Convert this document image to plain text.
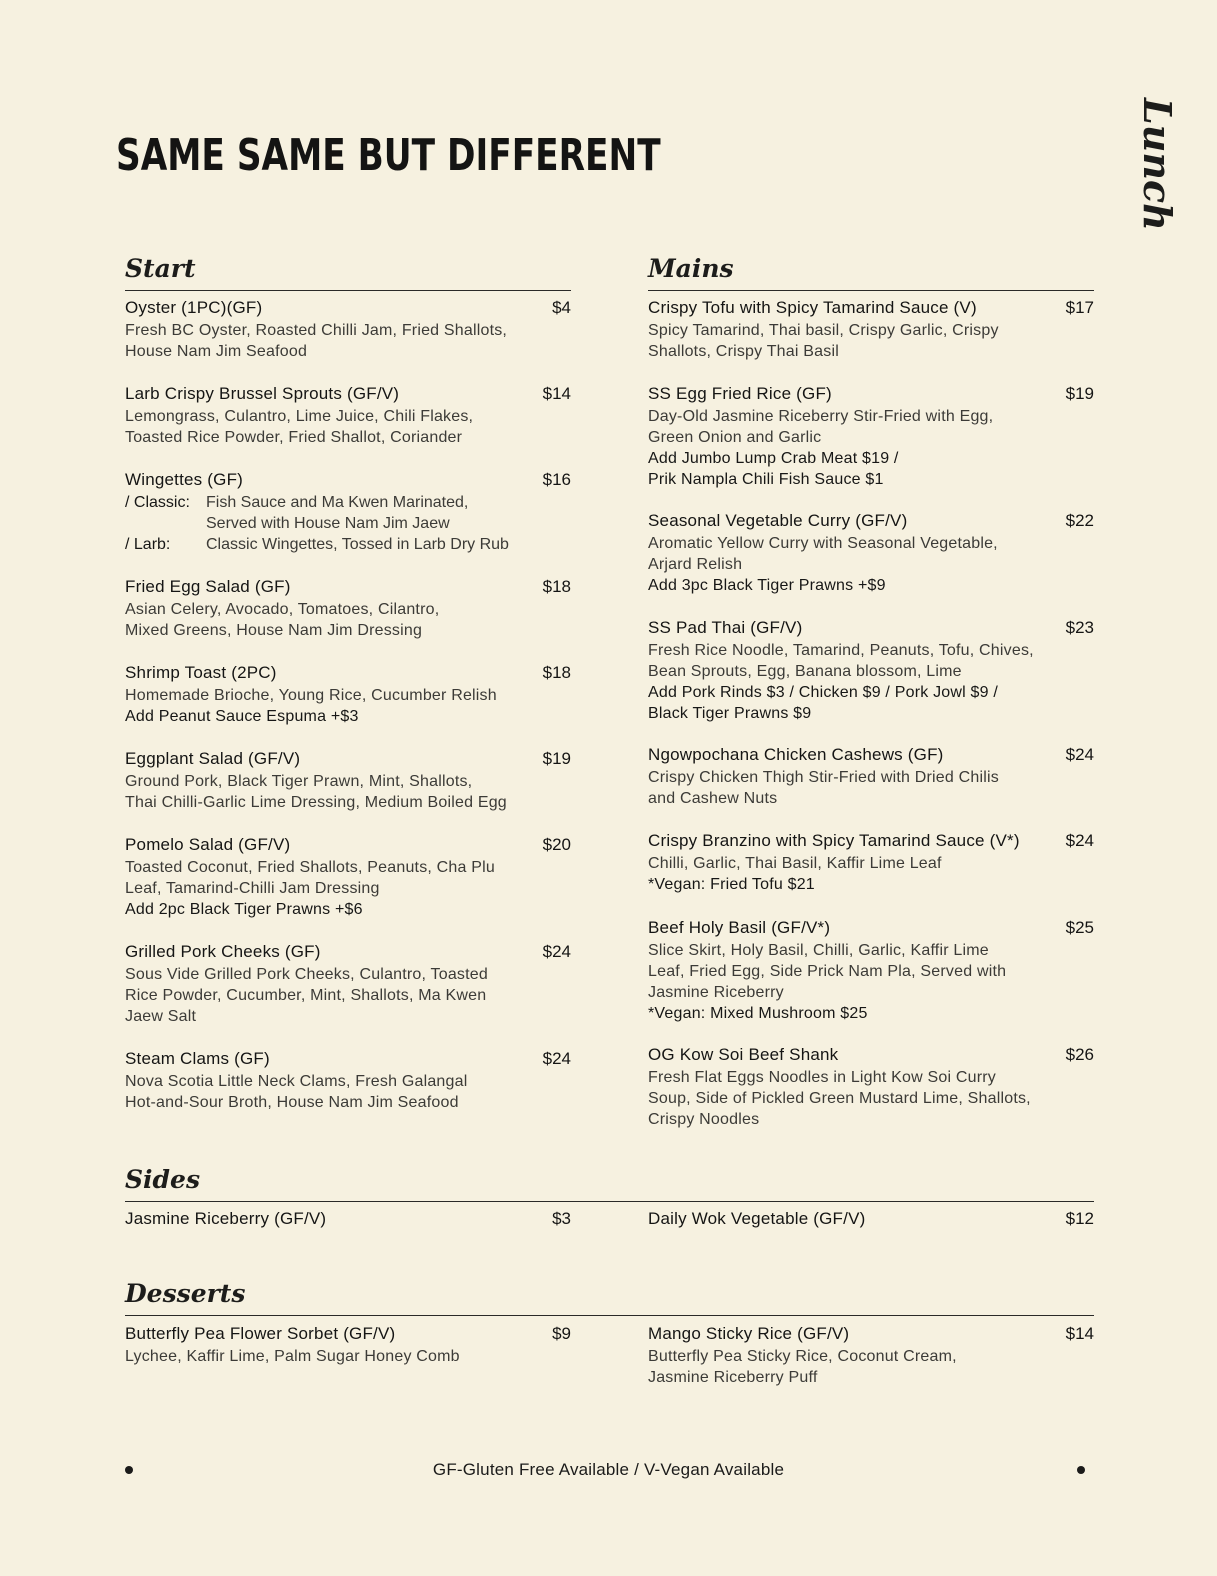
SAME SAME BUT DIFFERENT	Lunch
Start
Oyster (1PC)(GF)	$4
Fresh BC Oyster, Roasted Chilli Jam, Fried Shallots,
House Nam Jim Seafood
Larb Crispy Brussel Sprouts (GF/V)	$14
Lemongrass, Culantro, Lime Juice, Chili Flakes,
Toasted Rice Powder, Fried Shallot, Coriander
Wingettes (GF)	$16
/ Classic: Fish Sauce and Ma Kwen Marinated,
Served with House Nam Jim Jaew
/ Larb: Classic Wingettes, Tossed in Larb Dry Rub
Fried Egg Salad (GF)	$18
Asian Celery, Avocado, Tomatoes, Cilantro,
Mixed Greens, House Nam Jim Dressing
Shrimp Toast (2PC)	$18
Homemade Brioche, Young Rice, Cucumber Relish
Add Peanut Sauce Espuma +$3
Eggplant Salad (GF/V)	$19
Ground Pork, Black Tiger Prawn, Mint, Shallots,
Thai Chilli-Garlic Lime Dressing, Medium Boiled Egg
Pomelo Salad (GF/V)	$20
Toasted Coconut, Fried Shallots, Peanuts, Cha Plu
Leaf, Tamarind-Chilli Jam Dressing
Add 2pc Black Tiger Prawns +$6
Grilled Pork Cheeks (GF)	$24
Sous Vide Grilled Pork Cheeks, Culantro, Toasted
Rice Powder, Cucumber, Mint, Shallots, Ma Kwen
Jaew Salt
Steam Clams (GF)	$24
Nova Scotia Little Neck Clams, Fresh Galangal
Hot-and-Sour Broth, House Nam Jim Seafood
Mains
Crispy Tofu with Spicy Tamarind Sauce (V)	$17
Spicy Tamarind, Thai basil, Crispy Garlic, Crispy
Shallots, Crispy Thai Basil
SS Egg Fried Rice (GF)	$19
Day-Old Jasmine Riceberry Stir-Fried with Egg,
Green Onion and Garlic
Add Jumbo Lump Crab Meat $19 /
Prik Nampla Chili Fish Sauce $1
Seasonal Vegetable Curry (GF/V)	$22
Aromatic Yellow Curry with Seasonal Vegetable,
Arjard Relish
Add 3pc Black Tiger Prawns +$9
SS Pad Thai (GF/V)	$23
Fresh Rice Noodle, Tamarind, Peanuts, Tofu, Chives,
Bean Sprouts, Egg, Banana blossom, Lime
Add Pork Rinds $3 / Chicken $9 / Pork Jowl $9 /
Black Tiger Prawns $9
Ngowpochana Chicken Cashews (GF)	$24
Crispy Chicken Thigh Stir-Fried with Dried Chilis
and Cashew Nuts
Crispy Branzino with Spicy Tamarind Sauce (V*)	$24
Chilli, Garlic, Thai Basil, Kaffir Lime Leaf
*Vegan: Fried Tofu $21
Beef Holy Basil (GF/V*)	$25
Slice Skirt, Holy Basil, Chilli, Garlic, Kaffir Lime
Leaf, Fried Egg, Side Prick Nam Pla, Served with
Jasmine Riceberry
*Vegan: Mixed Mushroom $25
OG Kow Soi Beef Shank	$26
Fresh Flat Eggs Noodles in Light Kow Soi Curry
Soup, Side of Pickled Green Mustard Lime, Shallots,
Crispy Noodles
Sides
Jasmine Riceberry (GF/V)	$3	Daily Wok Vegetable (GF/V)	$12
Desserts
Butterfly Pea Flower Sorbet (GF/V)	$9
Lychee, Kaffir Lime, Palm Sugar Honey Comb
Mango Sticky Rice (GF/V)	$14
Butterfly Pea Sticky Rice, Coconut Cream,
Jasmine Riceberry Puff
GF-Gluten Free Available / V-Vegan Available
